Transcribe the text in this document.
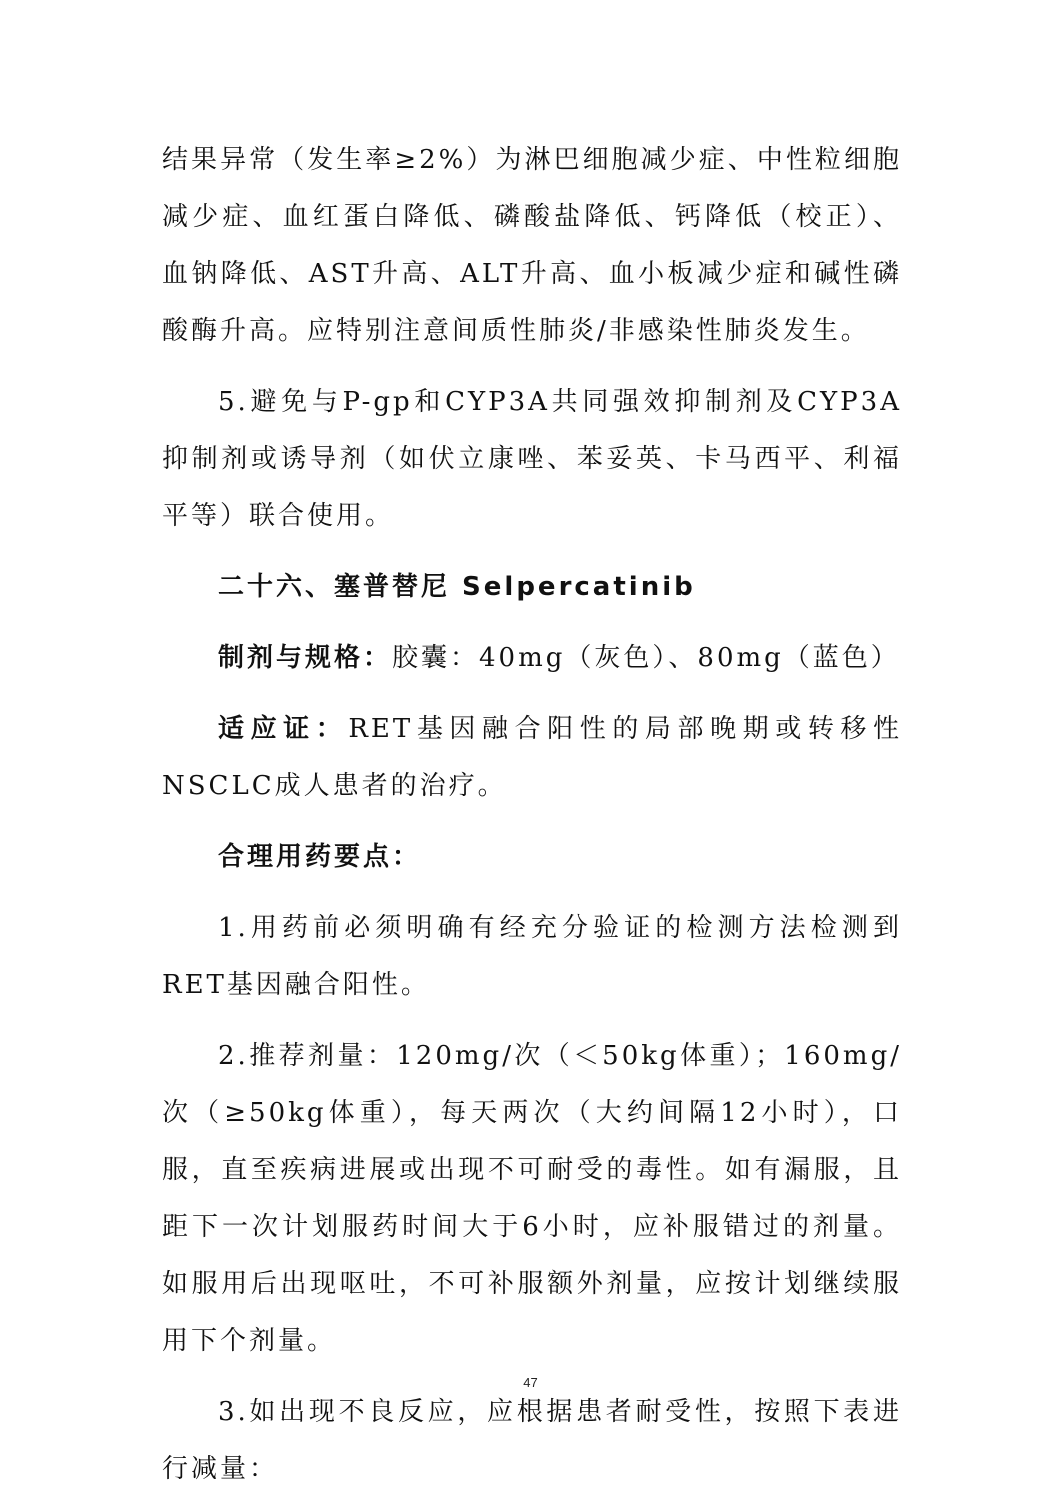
结果异常（发生率≥2%）为淋巴细胞减少症、中性粒细胞减少症、血红蛋白降低、磷酸盐降低、钙降低（校正）、血钠降低、AST升高、ALT升高、血小板减少症和碱性磷酸酶升高。应特别注意间质性肺炎/非感染性肺炎发生。

5.避免与P-gp和CYP3A共同强效抑制剂及CYP3A抑制剂或诱导剂（如伏立康唑、苯妥英、卡马西平、利福平等）联合使用。

二十六、塞普替尼 Selpercatinib

制剂与规格：胶囊：40mg（灰色）、80mg（蓝色）

适应证：RET基因融合阳性的局部晚期或转移性NSCLC成人患者的治疗。

合理用药要点：

1.用药前必须明确有经充分验证的检测方法检测到RET基因融合阳性。

2.推荐剂量：120mg/次（＜50kg体重）；160mg/次（≥50kg体重），每天两次（大约间隔12小时），口服，直至疾病进展或出现不可耐受的毒性。如有漏服，且距下一次计划服药时间大于6小时，应补服错过的剂量。如服用后出现呕吐，不可补服额外剂量，应按计划继续服用下个剂量。

3.如出现不良反应，应根据患者耐受性，按照下表进行减量：

47
